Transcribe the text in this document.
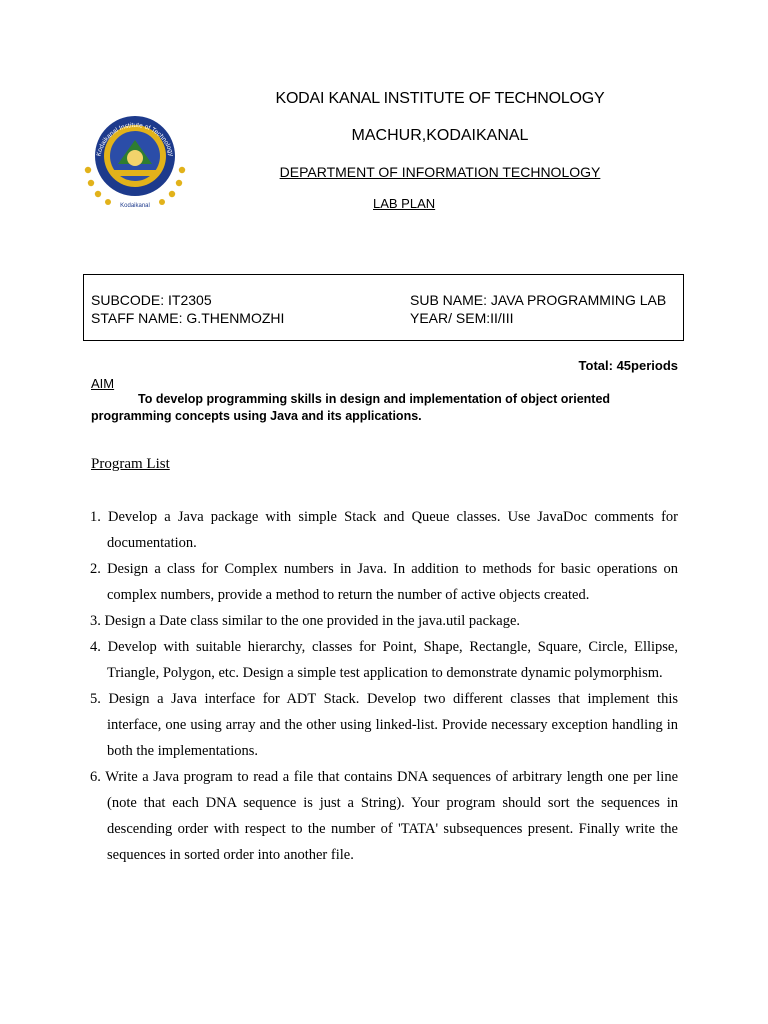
Kodaikanal Institute of Technology
Kodaikanal
KODAI KANAL INSTITUTE OF TECHNOLOGY
MACHUR,KODAIKANAL
DEPARTMENT OF INFORMATION TECHNOLOGY
LAB PLAN
SUBCODE: IT2305
STAFF NAME: G.THENMOZHI
SUB NAME: JAVA PROGRAMMING LAB
YEAR/ SEM:II/III
Total: 45periods
AIM
To develop programming skills in design and implementation of object oriented programming concepts using Java and its applications.
Program List
1. Develop a Java package with simple Stack and Queue classes. Use JavaDoc comments for documentation.
2. Design a class for Complex numbers in Java. In addition to methods for basic operations on complex numbers, provide a method to return the number of active objects created.
3. Design a Date class similar to the one provided in the java.util package.
4. Develop with suitable hierarchy, classes for Point, Shape, Rectangle, Square, Circle, Ellipse, Triangle, Polygon, etc. Design a simple test application to demonstrate dynamic polymorphism.
5. Design a Java interface for ADT Stack. Develop two different classes that implement this interface, one using array and the other using linked-list. Provide necessary exception handling in both the implementations.
6. Write a Java program to read a file that contains DNA sequences of arbitrary length one per line (note that each DNA sequence is just a String). Your program should sort the sequences in descending order with respect to the number of 'TATA' subsequences present. Finally write the sequences in sorted order into another file.
